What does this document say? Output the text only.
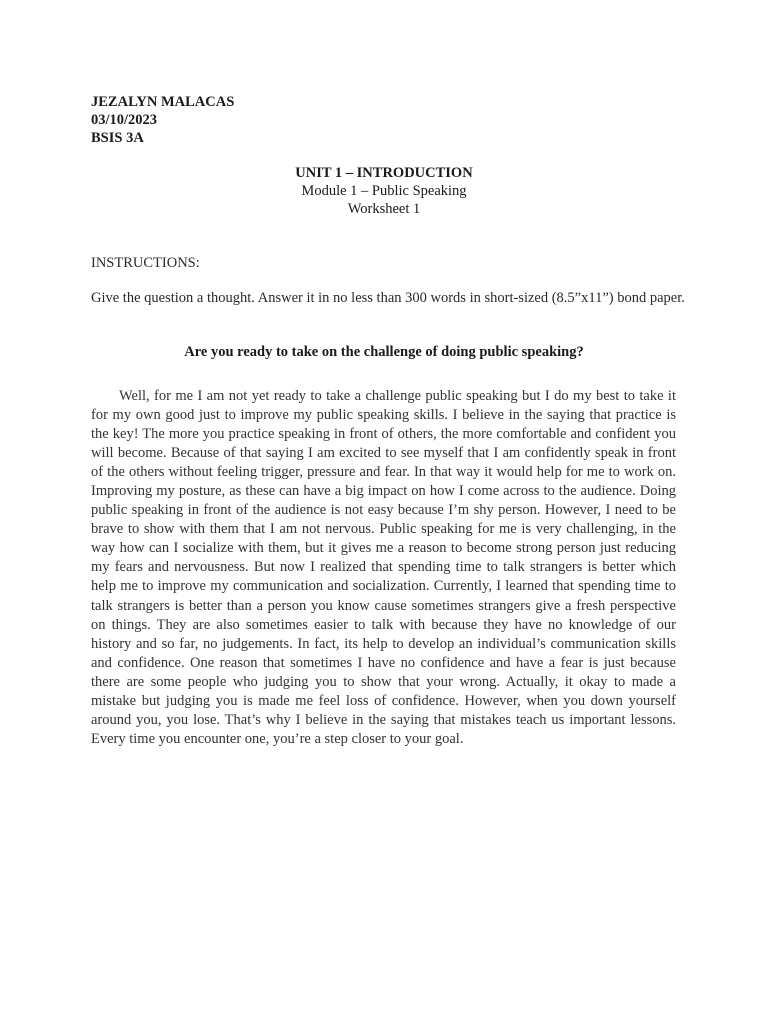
JEZALYN MALACAS
03/10/2023
BSIS 3A
UNIT 1 – INTRODUCTION
Module 1 – Public Speaking
Worksheet 1
INSTRUCTIONS:
Give the question a thought. Answer it in no less than 300 words in short-sized (8.5”x11”) bond paper.
Are you ready to take on the challenge of doing public speaking?

Well, for me I am not yet ready to take a challenge public speaking but I do my best to take it for my own good just to improve my public speaking skills. I believe in the saying that practice is the key! The more you practice speaking in front of others, the more comfortable and confident you will become. Because of that saying I am excited to see myself that I am confidently speak in front of the others without feeling trigger, pressure and fear. In that way it would help for me to work on. Improving my posture, as these can have a big impact on how I come across to the audience. Doing public speaking in front of the audience is not easy because I’m shy person. However, I need to be brave to show with them that I am not nervous. Public speaking for me is very challenging, in the way how can I socialize with them, but it gives me a reason to become strong person just reducing my fears and nervousness. But now I realized that spending time to talk strangers is better which help me to improve my communication and socialization. Currently, I learned that spending time to talk strangers is better than a person you know cause sometimes strangers give a fresh perspective on things. They are also sometimes easier to talk with because they have no knowledge of our history and so far, no judgements. In fact, its help to develop an individual’s communication skills and confidence. One reason that sometimes I have no confidence and have a fear is just because there are some people who judging you to show that your wrong. Actually, it okay to made a mistake but judging you is made me feel loss of confidence. However, when you down yourself around you, you lose. That’s why I believe in the saying that mistakes teach us important lessons. Every time you encounter one, you’re a step closer to your goal.
